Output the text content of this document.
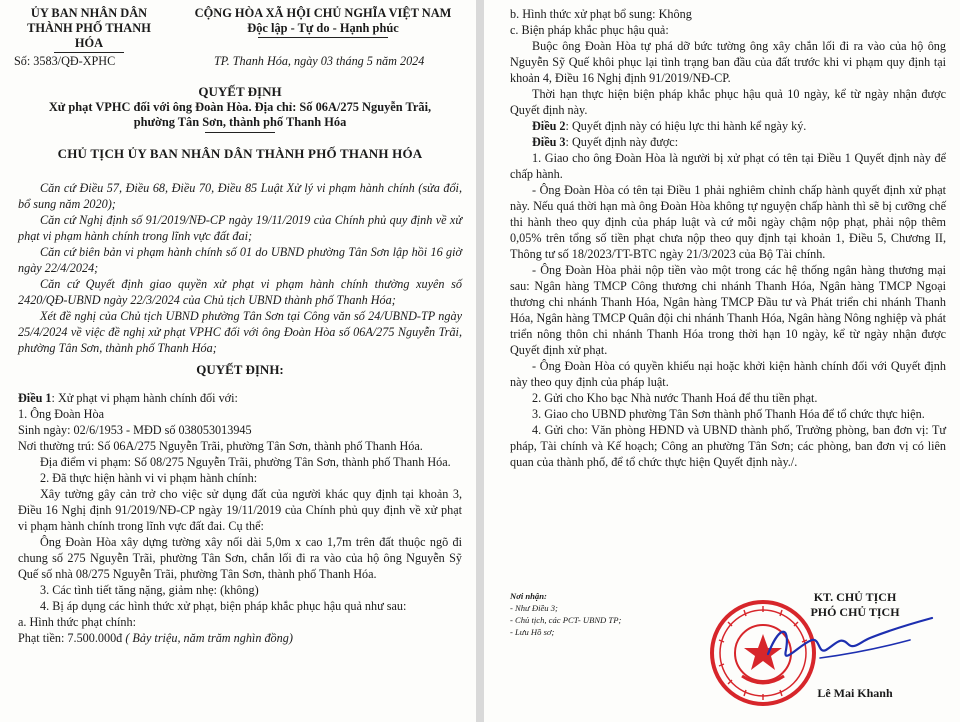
ỦY BAN NHÂN DÂN
THÀNH PHỐ THANH HÓA
CỘNG HÒA XÃ HỘI CHỦ NGHĨA VIỆT NAM
Độc lập - Tự do - Hạnh phúc
Số: 3583/QĐ-XPHC	TP. Thanh Hóa, ngày 03 tháng 5 năm 2024

QUYẾT ĐỊNH

Xử phạt VPHC đối với ông Đoàn Hòa. Địa chỉ: Số 06A/275 Nguyễn Trãi,

phường Tân Sơn, thành phố Thanh Hóa

CHỦ TỊCH ỦY BAN NHÂN DÂN THÀNH PHỐ THANH HÓA

Căn cứ Điều 57, Điều 68, Điều 70, Điều 85 Luật Xử lý vi phạm hành chính (sửa đổi, bổ sung năm 2020);

Căn cứ Nghị định số 91/2019/NĐ-CP ngày 19/11/2019 của Chính phủ quy định về xử phạt vi phạm hành chính trong lĩnh vực đất đai;

Căn cứ biên bản vi phạm hành chính số 01 do UBND phường Tân Sơn lập hồi 16 giờ ngày 22/4/2024;

Căn cứ Quyết định giao quyền xử phạt vi phạm hành chính thường xuyên số 2420/QĐ-UBND ngày 22/3/2024 của Chủ tịch UBND thành phố Thanh Hóa;

Xét đề nghị của Chủ tịch UBND phường Tân Sơn tại Công văn số 24/UBND-TP ngày 25/4/2024 về việc đề nghị xử phạt VPHC đối với ông Đoàn Hòa số 06A/275 Nguyễn Trãi, phường Tân Sơn, thành phố Thanh Hóa;

QUYẾT ĐỊNH:

Điều 1: Xử phạt vi phạm hành chính đối với:

1. Ông Đoàn Hòa

Sinh ngày: 02/6/1953 - MĐD số 038053013945

Nơi thường trú: Số 06A/275 Nguyễn Trãi, phường Tân Sơn, thành phố Thanh Hóa.

Địa điểm vi phạm: Số 08/275 Nguyễn Trãi, phường Tân Sơn, thành phố Thanh Hóa.

2. Đã thực hiện hành vi vi phạm hành chính:

Xây tường gây cản trở cho việc sử dụng đất của người khác quy định tại khoản 3, Điều 16 Nghị định 91/2019/NĐ-CP ngày 19/11/2019 của Chính phủ quy định về xử phạt vi phạm hành chính trong lĩnh vực đất đai. Cụ thể:

Ông Đoàn Hòa xây dựng tường xây nối dài 5,0m x cao 1,7m trên đất thuộc ngõ đi chung số 275 Nguyễn Trãi, phường Tân Sơn, chắn lối đi ra vào của hộ ông Nguyễn Sỹ Quế số nhà 08/275 Nguyễn Trãi, phường Tân Sơn, thành phố Thanh Hóa.

3. Các tình tiết tăng nặng, giảm nhẹ: (không)

4. Bị áp dụng các hình thức xử phạt, biện pháp khắc phục hậu quả như sau:

a. Hình thức phạt chính:

Phạt tiền: 7.500.000đ ( Bảy triệu, năm trăm nghìn đồng)

b. Hình thức xử phạt bổ sung: Không

c. Biện pháp khắc phục hậu quả:

Buộc ông Đoàn Hòa tự phá dỡ bức tường ông xây chắn lối đi ra vào của hộ ông Nguyễn Sỹ Quế khôi phục lại tình trạng ban đầu của đất trước khi vi phạm quy định tại khoản 4, Điều 16 Nghị định 91/2019/NĐ-CP.

Thời hạn thực hiện biện pháp khắc phục hậu quả 10 ngày, kể từ ngày nhận được Quyết định này.

Điều 2: Quyết định này có hiệu lực thi hành kể ngày ký.

Điều 3: Quyết định này được:

1. Giao cho ông Đoàn Hòa là người bị xử phạt có tên tại Điều 1 Quyết định này để chấp hành.

- Ông Đoàn Hòa có tên tại Điều 1 phải nghiêm chỉnh chấp hành quyết định xử phạt này. Nếu quá thời hạn mà ông Đoàn Hòa không tự nguyện chấp hành thì sẽ bị cưỡng chế thi hành theo quy định của pháp luật và cứ mỗi ngày chậm nộp phạt, phải nộp thêm 0,05% trên tổng số tiền phạt chưa nộp theo quy định tại khoản 1, Điều 5, Chương II, Thông tư số 18/2023/TT-BTC ngày 21/3/2023 của Bộ Tài chính.

- Ông Đoàn Hòa phải nộp tiền vào một trong các hệ thống ngân hàng thương mại sau: Ngân hàng TMCP Công thương chi nhánh Thanh Hóa, Ngân hàng TMCP Ngoại thương chi nhánh Thanh Hóa, Ngân hàng TMCP Đầu tư và Phát triển chi nhánh Thanh Hóa, Ngân hàng TMCP Quân đội chi nhánh Thanh Hóa, Ngân hàng Nông nghiệp và phát triển nông thôn chi nhánh Thanh Hóa trong thời hạn 10 ngày, kể từ ngày nhận được Quyết định xử phạt.

- Ông Đoàn Hòa có quyền khiếu nại hoặc khởi kiện hành chính đối với Quyết định này theo quy định của pháp luật.

2. Gửi cho Kho bạc Nhà nước Thanh Hoá để thu tiền phạt.

3. Giao cho UBND phường Tân Sơn thành phố Thanh Hóa để tổ chức thực hiện.

4. Gửi cho: Văn phòng HĐND và UBND thành phố, Trưởng phòng, ban đơn vị: Tư pháp, Tài chính và Kế hoạch; Công an phường Tân Sơn; các phòng, ban đơn vị có liên quan của thành phố, để tổ chức thực hiện Quyết định này./.

Nơi nhận:
- Như Điều 3;
- Chủ tịch, các PCT- UBND TP;
- Lưu Hồ sơ;
KT. CHỦ TỊCH
PHÓ CHỦ TỊCH
Lê Mai Khanh
